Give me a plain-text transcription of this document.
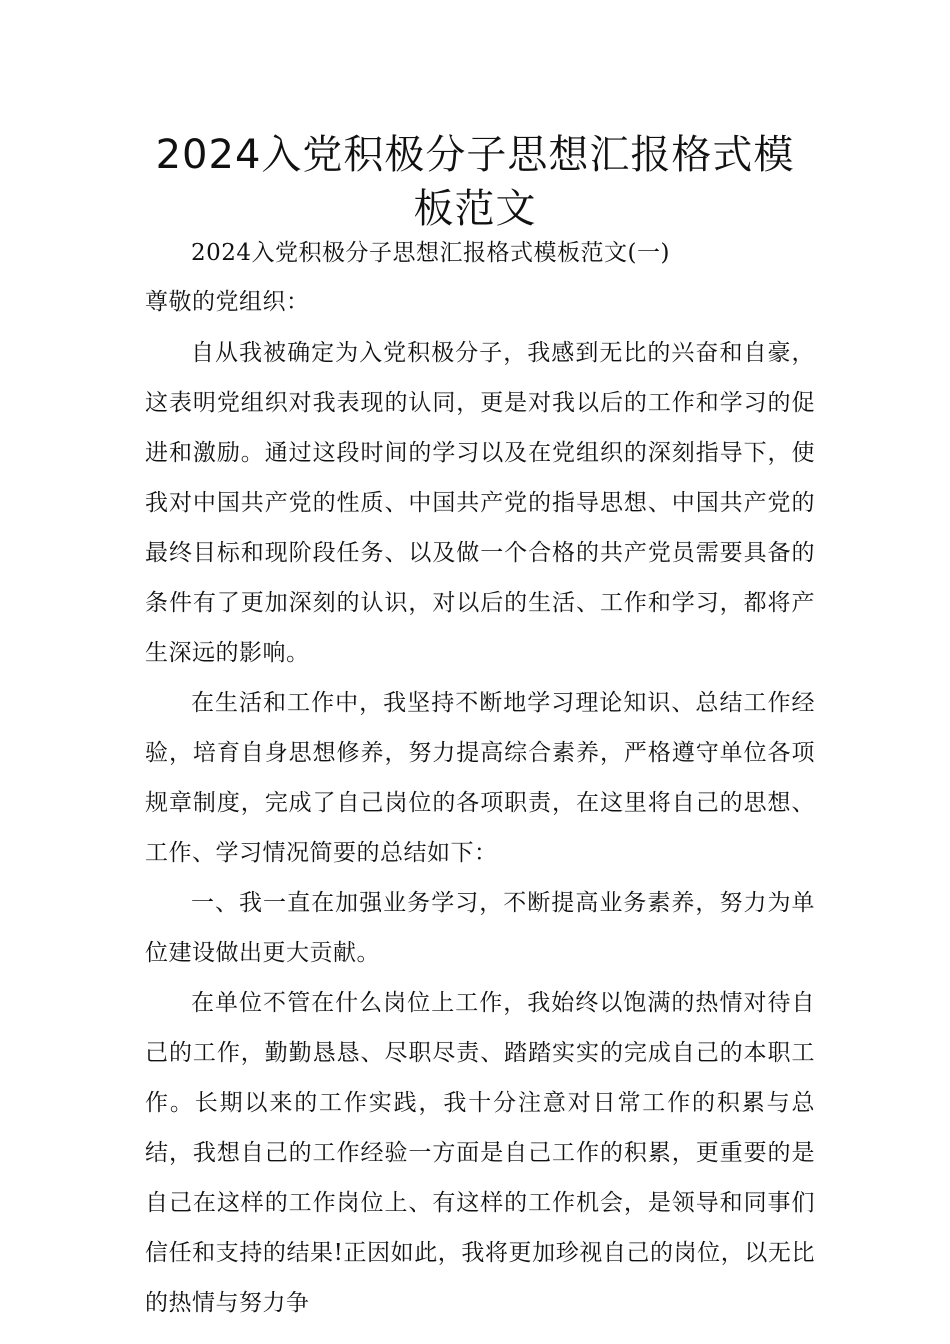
2024入党积极分子思想汇报格式模板范文

2024入党积极分子思想汇报格式模板范文(一)

尊敬的党组织：

自从我被确定为入党积极分子，我感到无比的兴奋和自豪，这表明党组织对我表现的认同，更是对我以后的工作和学习的促进和激励。通过这段时间的学习以及在党组织的深刻指导下，使我对中国共产党的性质、中国共产党的指导思想、中国共产党的最终目标和现阶段任务、以及做一个合格的共产党员需要具备的条件有了更加深刻的认识，对以后的生活、工作和学习，都将产生深远的影响。

在生活和工作中，我坚持不断地学习理论知识、总结工作经验，培育自身思想修养，努力提高综合素养，严格遵守单位各项规章制度，完成了自己岗位的各项职责，在这里将自己的思想、工作、学习情况简要的总结如下：

一、我一直在加强业务学习，不断提高业务素养，努力为单位建设做出更大贡献。

在单位不管在什么岗位上工作，我始终以饱满的热情对待自己的工作，勤勤恳恳、尽职尽责、踏踏实实的完成自己的本职工作。长期以来的工作实践，我十分注意对日常工作的积累与总结，我想自己的工作经验一方面是自己工作的积累，更重要的是自己在这样的工作岗位上、有这样的工作机会，是领导和同事们信任和支持的结果!正因如此，我将更加珍视自己的岗位，以无比的热情与努力争
